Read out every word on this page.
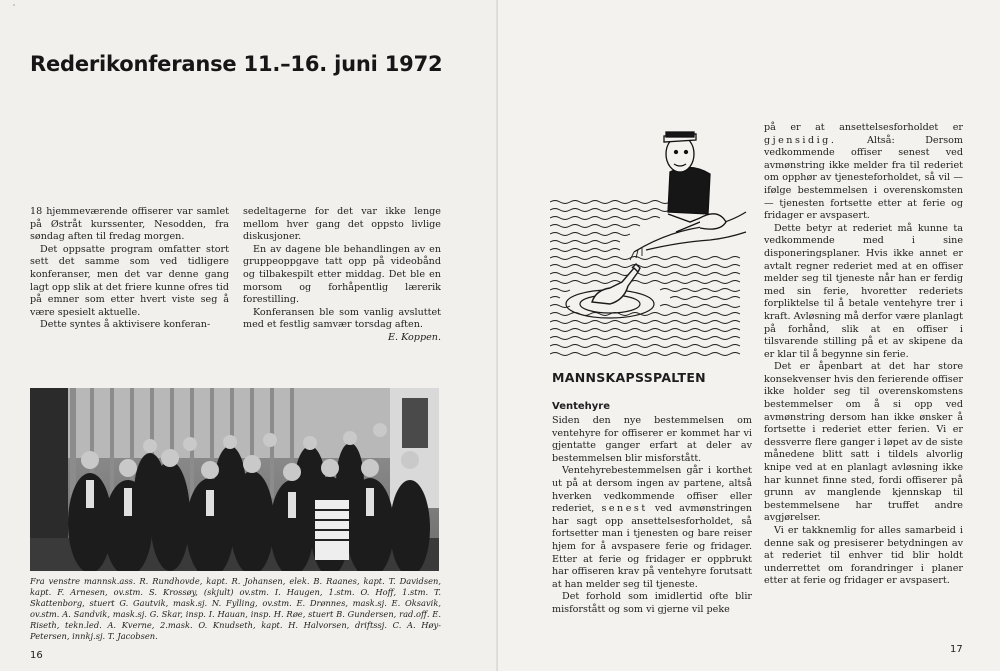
˙
Rederikonferanse 11.–16. juni 1972

18 hjemmeværende offiserer var samlet på Østråt kurssenter, Nesodden, fra søndag aften til fredag morgen.

Det oppsatte program omfatter stort sett det samme som ved tidligere konferanser, men det var denne gang lagt opp slik at det friere kunne ofres tid på emner som etter hvert viste seg å være spesielt aktuelle.

Dette syntes å aktivisere konferan-

sedeltagerne for det var ikke lenge mellom hver gang det oppsto livlige diskusjoner.

En av dagene ble behandlingen av en gruppeoppgave tatt opp på videobånd og tilbakespilt etter middag. Det ble en morsom og forhåpentlig lærerik forestilling.

Konferansen ble som vanlig avsluttet med et festlig samvær torsdag aften.

E. Koppen.

Fra venstre mannsk.ass. R. Rundhovde, kapt. R. Johansen, elek. B. Raanes, kapt. T. Davidsen, kapt. F. Arnesen, ov.stm. S. Krossøy, (skjult) ov.stm. I. Haugen, 1.stm. O. Hoff, 1.stm. T. Skattenborg, stuert G. Gautvik, mask.sj. N. Fylling, ov.stm. E. Drønnes, mask.sj. E. Oksavik, ov.stm. A. Sandvik, mask.sj. G. Skar, insp. I. Hauan, insp. H. Røe, stuert B. Gundersen, rad.off. E. Riseth, tekn.led. A. Kverne, 2.mask. O. Knudseth, kapt. H. Halvorsen, driftssj. C. A. Høy-Petersen, innkj.sj. T. Jacobsen.
16
MANNSKAPSSPALTEN
Ventehyre

Siden den nye bestemmelsen om ventehyre for offiserer er kommet har vi gjentatte ganger erfart at deler av bestemmelsen blir misforstått.

Ventehyrebestemmelsen går i korthet ut på at dersom ingen av partene, altså hverken vedkommende offiser eller rederiet, senest ved avmønstringen har sagt opp ansettelsesforholdet, så fortsetter man i tjenesten og bare reiser hjem for å avspasere ferie og fridager. Etter at ferie og fridager er oppbrukt har offiseren krav på ventehyre forutsatt at han melder seg til tjeneste.

Det forhold som imidlertid ofte blir misforstått og som vi gjerne vil peke

på er at ansettelsesforholdet er gjensidig.	Altså: Dersom vedkommende offiser senest ved avmønstring ikke melder fra til rederiet om opphør av tjenesteforholdet, så vil — ifølge bestemmelsen i overenskomsten — tjenesten fortsette etter at ferie og fridager er avspasert.

Dette betyr at rederiet må kunne ta vedkommende med i sine disponeringsplaner. Hvis ikke annet er avtalt regner rederiet med at en offiser melder seg til tjeneste når han er ferdig med sin ferie, hvoretter rederiets forpliktelse til å betale ventehyre trer i kraft. Avløsning må derfor være planlagt på forhånd, slik at en offiser i tilsvarende stilling på et av skipene da er klar til å begynne sin ferie.

Det er åpenbart at det har store konsekvenser hvis den ferierende offiser ikke holder seg til overenskomstens bestemmelser om å si opp ved avmønstring dersom han ikke ønsker å fortsette i rederiet etter ferien. Vi er dessverre flere ganger i løpet av de siste månedene blitt satt i tildels alvorlig knipe ved at en planlagt avløsning ikke har kunnet finne sted, fordi offiserer på grunn av manglende kjennskap til bestemmelsene har truffet andre avgjørelser.

Vi er takknemlig for alles samarbeid i denne sak og presiserer betydningen av at rederiet til enhver tid blir holdt underrettet om forandringer i planer etter at ferie og fridager er avspasert.

17
